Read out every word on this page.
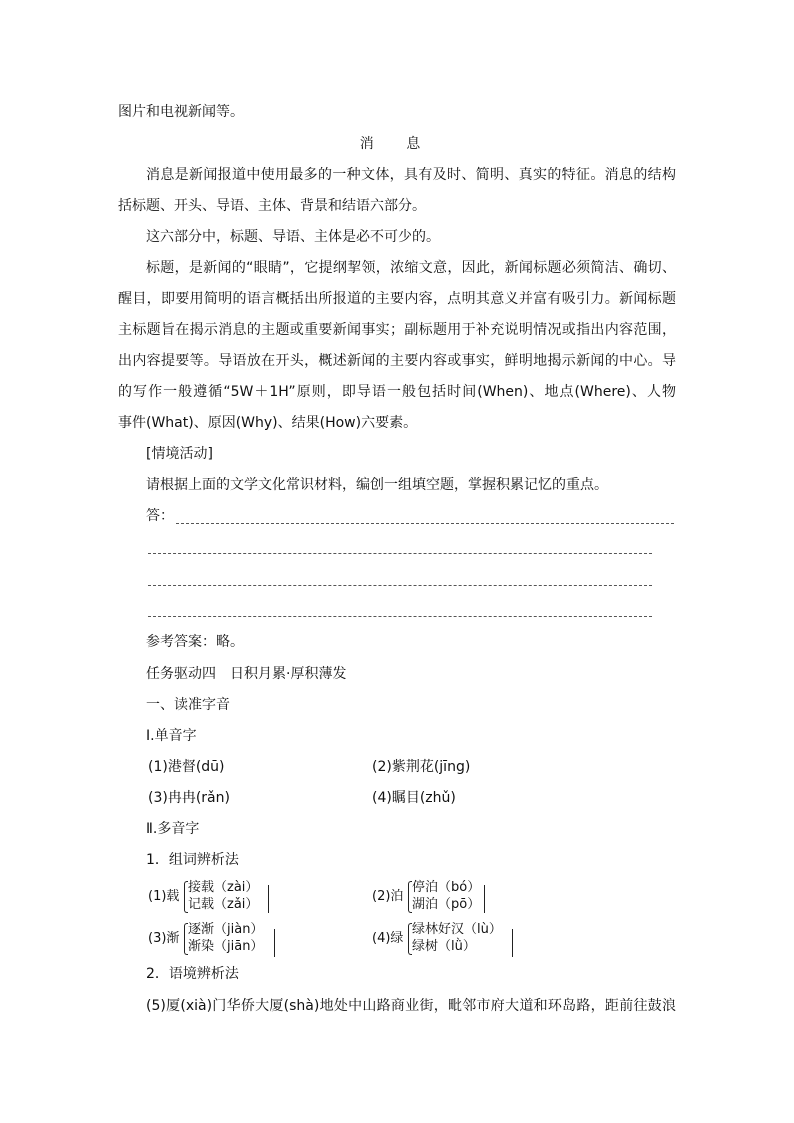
图片和电视新闻等。
消 息
消息是新闻报道中使用最多的一种文体，具有及时、简明、真实的特征。消息的结构
括标题、开头、导语、主体、背景和结语六部分。
这六部分中，标题、导语、主体是必不可少的。
标题，是新闻的“眼睛”，它提纲挈领，浓缩文意，因此，新闻标题必须简洁、确切、
醒目，即要用简明的语言概括出所报道的主要内容，点明其意义并富有吸引力。新闻标题
主标题旨在揭示消息的主题或重要新闻事实；副标题用于补充说明情况或指出内容范围，
出内容提要等。导语放在开头，概述新闻的主要内容或事实，鲜明地揭示新闻的中心。导
的写作一般遵循“5W＋1H”原则，即导语一般包括时间(When)、地点(Where)、人物
事件(What)、原因(Why)、结果(How)六要素。
[情境活动]
请根据上面的文学文化常识材料，编创一组填空题，掌握积累记忆的重点。
答：
参考答案：略。
任务驱动四　日积月累·厚积薄发
一、读准字音
Ⅰ.单音字
(1)港督(dū)	(2)紫荆花(jīng)
(3)冉冉(rǎn)	(4)瞩目(zhǔ)
Ⅱ.多音字
1．组词辨析法
(1)载
接载（zài）
记载（zǎi）
(2)泊
停泊（bó）
湖泊（pō）
(3)渐
逐渐（jiàn）
渐染（jiān）
(4)绿
绿林好汉（lù）
绿树（lǜ）
2．语境辨析法
(5)厦(xià)门华侨大厦(shà)地处中山路商业街，毗邻市府大道和环岛路，距前往鼓浪
